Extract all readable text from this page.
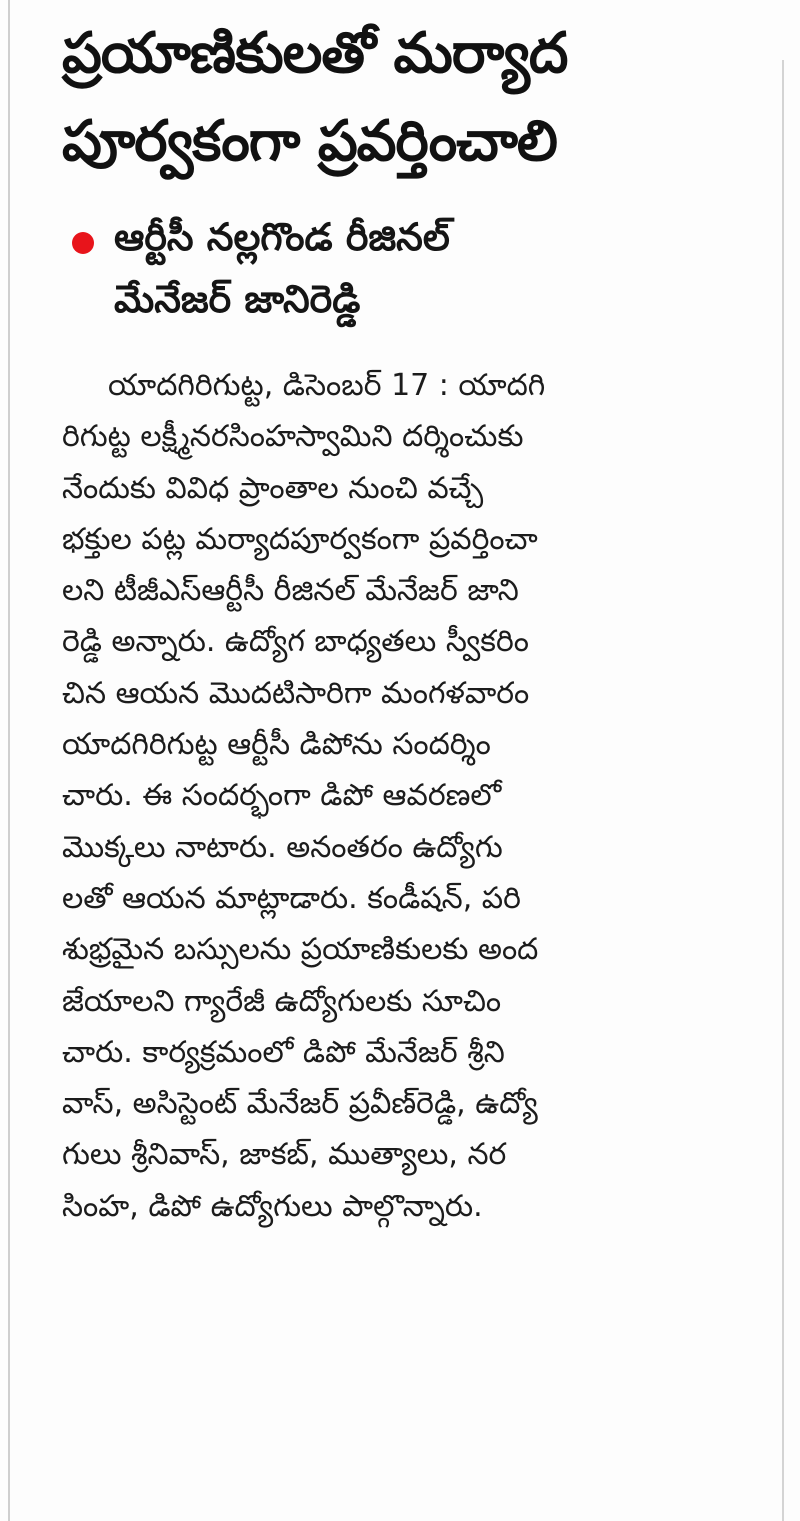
ప్రయాణికులతో మర్యాద
పూర్వకంగా ప్రవర్తించాలి
ఆర్టీసీ నల్లగొండ రీజినల్
మేనేజర్ జానిరెడ్డి
యాదగిరిగుట్ట, డిసెంబర్ 17 : యాదగి
రిగుట్ట లక్ష్మీనరసింహస్వామిని దర్శించుకు
నేందుకు వివిధ ప్రాంతాల నుంచి వచ్చే
భక్తుల పట్ల మర్యాదపూర్వకంగా ప్రవర్తించా
లని టీజీఎస్ఆర్టీసీ రీజినల్ మేనేజర్ జాని
రెడ్డి అన్నారు. ఉద్యోగ బాధ్యతలు స్వీకరిం
చిన ఆయన మొదటిసారిగా మంగళవారం
యాదగిరిగుట్ట ఆర్టీసీ డిపోను సందర్శిం
చారు. ఈ సందర్భంగా డిపో ఆవరణలో
మొక్కలు నాటారు. అనంతరం ఉద్యోగు
లతో ఆయన మాట్లాడారు. కండీషన్, పరి
శుభ్రమైన బస్సులను ప్రయాణికులకు అంద
జేయాలని గ్యారేజీ ఉద్యోగులకు సూచిం
చారు. కార్యక్రమంలో డిపో మేనేజర్ శ్రీని
వాస్, అసిస్టెంట్ మేనేజర్ ప్రవీణ్‌రెడ్డి, ఉద్యో
గులు శ్రీనివాస్, జాకబ్, ముత్యాలు, నర
సింహ, డిపో ఉద్యోగులు పాల్గొన్నారు.
